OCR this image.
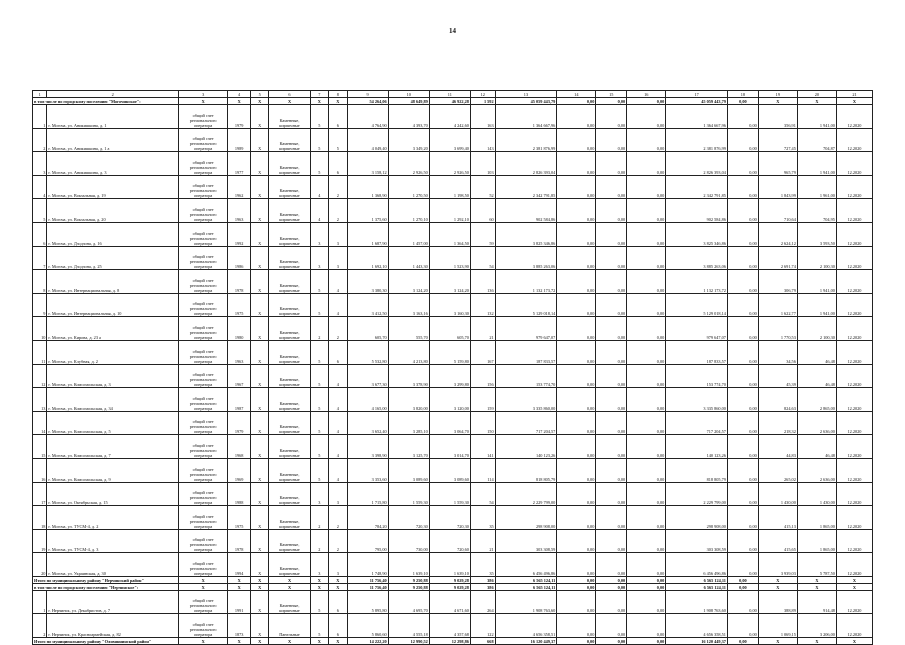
14
1	2	3	4	5	6	7	8	9	10	11	12	13	14	15	16	17	18	19	20	21
в том числе по городскому поселению "Могочинское":		X	X	X	X	X	X	54 264,06	48 649,89	46 922,28	1 592	45 059 443,79	0,00	0,00	0,00	45 059 443,79	0,00	X	X	X
1	г. Могоча, ул. Аникишкина, д. 1	общий счет
регионального
оператора	1979	X	Каменные,
кирпичные	5	6	4 764,90	4 393,70	4 242,60	163	1 364 667,96	0,00	0,00	0,00	1 364 667,96	0,00	356,91	1 941,00	12.2020
2	г. Могоча, ул. Аникишкина, д. 1 а	общий счет
регионального
оператора	1989	X	Каменные,
кирпичные	5	5	4 049,40	3 349,20	3 699,40	143	2 381 876,99	0,00	0,00	0,00	2 381 876,99	0,00	727,45	704,87	12.2020
3	г. Могоча, ул. Аникишкина, д. 3	общий счет
регионального
оператора	1977	X	Каменные,
кирпичные	5	6	3 158,12	2 926,50	2 926,50	103	2 826 393,04	0,00	0,00	0,00	2 826 393,04	0,00	965,79	1 941,00	12.2020
4	г. Могоча, ул. Вокзальная, д. 19	общий счет
регионального
оператора	1962	X	Каменные,
кирпичные	4	2	1 368,90	1 270,50	1 198,50	52	2 342 791,85	0,00	0,00	0,00	2 342 791,85	0,00	1 843,99	1 961,00	12.2020
5	г. Могоча, ул. Вокзальная, д. 20	общий счет
регионального
оператора	1963	X	Каменные,
кирпичные	4	2	1 375,60	1 270,10	1 292,10	60	902 584,86	0,00	0,00	0,00	902 584,86	0,00	710,64	704,95	12.2020
6	г. Могоча, ул. Дзодзона, д. 16	общий счет
регионального
оператора	1992	X	Каменные,
кирпичные	3	3	1 687,90	1 457,00	1 364,50	59	3 825 346,86	0,00	0,00	0,00	3 825 346,86	0,00	2 624,12	3 593,50	12.2020
7	г. Могоча, ул. Дзодзона, д. 25	общий счет
регионального
оператора	1986	X	Каменные,
кирпичные	3	3	1 692,10	1 443,30	1 523,90	54	3 885 263,06	0,00	0,00	0,00	3 885 263,06	0,00	2 691,74	2 100,30	12.2020
8	г. Могоча, ул. Интернациональная, д. 8	общий счет
регионального
оператора	1978	X	Каменные,
кирпичные	5	4	3 380,30	3 124,20	3 124,20	136	1 132 173,72	0,00	0,00	0,00	1 132 173,72	0,00	306,79	1 941,00	12.2020
9	г. Могоча, ул. Интернациональная, д. 10	общий счет
регионального
оператора	1975	X	Каменные,
кирпичные	5	4	3 412,50	3 163,16	3 160,30	132	5 129 018,14	0,00	0,00	0,00	5 129 018,14	0,00	1 622,77	1 941,00	12.2020
10	г. Могоча, ул. Кирова, д. 23 а	общий счет
регионального
оператора	1980	X	Каменные,
кирпичные	2	2	605,70	555,70	605,70	21	979 647,07	0,00	0,00	0,00	979 647,07	0,00	1 770,53	2 100,30	12.2020
11	г. Могоча, ул. Клубная, д. 2	общий счет
регионального
оператора	1963	X	Каменные,
кирпичные	5	6	5 532,80	4 213,80	5 159,80	167	187 833,57	0,00	0,00	0,00	187 833,57	0,00	34,56	46,48	12.2020
12	г. Могоча, ул. Комсомольская, д. 3	общий счет
регионального
оператора	1967	X	Каменные,
кирпичные	5	4	3 677,30	3 378,90	3 299,80	156	153 774,70	0,00	0,00	0,00	153 774,70	0,00	45,39	46,48	12.2020
13	г. Могоча, ул. Комсомольская, д. 34	общий счет
регионального
оператора	1987	X	Каменные,
кирпичные	5	4	4 165,00	3 820,00	3 120,00	159	3 335 860,00	0,00	0,00	0,00	3 335 860,00	0,00	824,63	2 865,00	12.2020
14	г. Могоча, ул. Комсомольская, д. 5	общий счет
регионального
оператора	1979	X	Каменные,
кирпичные	5	4	3 652,40	3 285,10	3 064,70	150	717 204,57	0,00	0,00	0,00	717 204,57	0,00	218,32	2 636,00	12.2020
15	г. Могоча, ул. Комсомольская, д. 7	общий счет
регионального
оператора	1968	X	Каменные,
кирпичные	5	4	3 398,90	3 125,70	3 014,70	141	140 123,26	0,00	0,00	0,00	140 123,26	0,00	44,83	46,48	12.2020
16	г. Могоча, ул. Комсомольская, д. 9	общий счет
регионального
оператора	1969	X	Каменные,
кирпичные	5	4	3 353,60	3 089,60	3 089,60	114	818 805,79	0,00	0,00	0,00	818 805,79	0,00	265,02	2 636,00	12.2020
17	г. Могоча, ул. Октябрьская, д. 15	общий счет
регионального
оператора	1988	X	Каменные,
кирпичные	3	3	1 715,80	1 559,30	1 559,30	54	2 229 799,00	0,00	0,00	0,00	2 229 799,00	0,00	1 430,00	1 430,00	12.2020
18	г. Могоча, ул. ТУСМ-4, д. 2	общий счет
регионального
оператора	1975	X	Каменные,
кирпичные	2	2	784,20	720,30	720,30	35	298 908,00	0,00	0,00	0,00	298 908,00	0,00	415,13	1 865,00	12.2020
19	г. Могоча, ул. ТУСМ-4, д. 3	общий счет
регионального
оператора	1978	X	Каменные,
кирпичные	2	2	795,00	730,00	720,60	21	303 308,59	0,00	0,00	0,00	303 308,59	0,00	415,65	1 865,00	12.2020
20	г. Могоча, ул. Украинская, д. 30	общий счет
регионального
оператора	1994	X	Каменные,
кирпичные	3	3	1 748,90	1 639,10	1 639,10	35	6 456 496,86	0,00	0,00	0,00	6 456 496,86	0,00	3 939,03	5 787,50	12.2020
Итого по муниципальному району "Нерчинский район"		X	X	X	X	X	X	11 756,40	9 250,88	9 029,28	386	6 565 124,11	0,00	0,00	0,00	6 565 124,11	0,00	X	X	X
в том числе по городскому поселению "Нерчинское":		X	X	X	X	X	X	11 756,40	9 250,88	9 029,28	386	6 565 124,11	0,00	0,00	0,00	6 565 124,11	0,00	X	X	X
1	г. Нерчинск, ул. Декабристов, д. 7	общий счет
регионального
оператора	1991	X	Каменные,
кирпичные	5	6	5 895,80	4 695,70	4 671,60	264	1 908 763,60	0,00	0,00	0,00	1 908 763,60	0,00	388,89	914,48	12.2020
2	г. Нерчинск, ул. Красноармейская, д. 82	общий счет
регионального
оператора	1873	X	Панельные	5	6	5 860,60	4 555,18	4 357,68	122	4 656 358,51	0,00	0,00	0,00	4 656 358,51	0,00	1 069,15	3 206,00	12.2020
Итого по муниципальному району "Оловяннинский район"		X	X	X	X	X	X	14 222,20	12 990,52	12 298,86	668	16 120 449,37	0,00	0,00	0,00	16 120 449,37	0,00	X	X	X
